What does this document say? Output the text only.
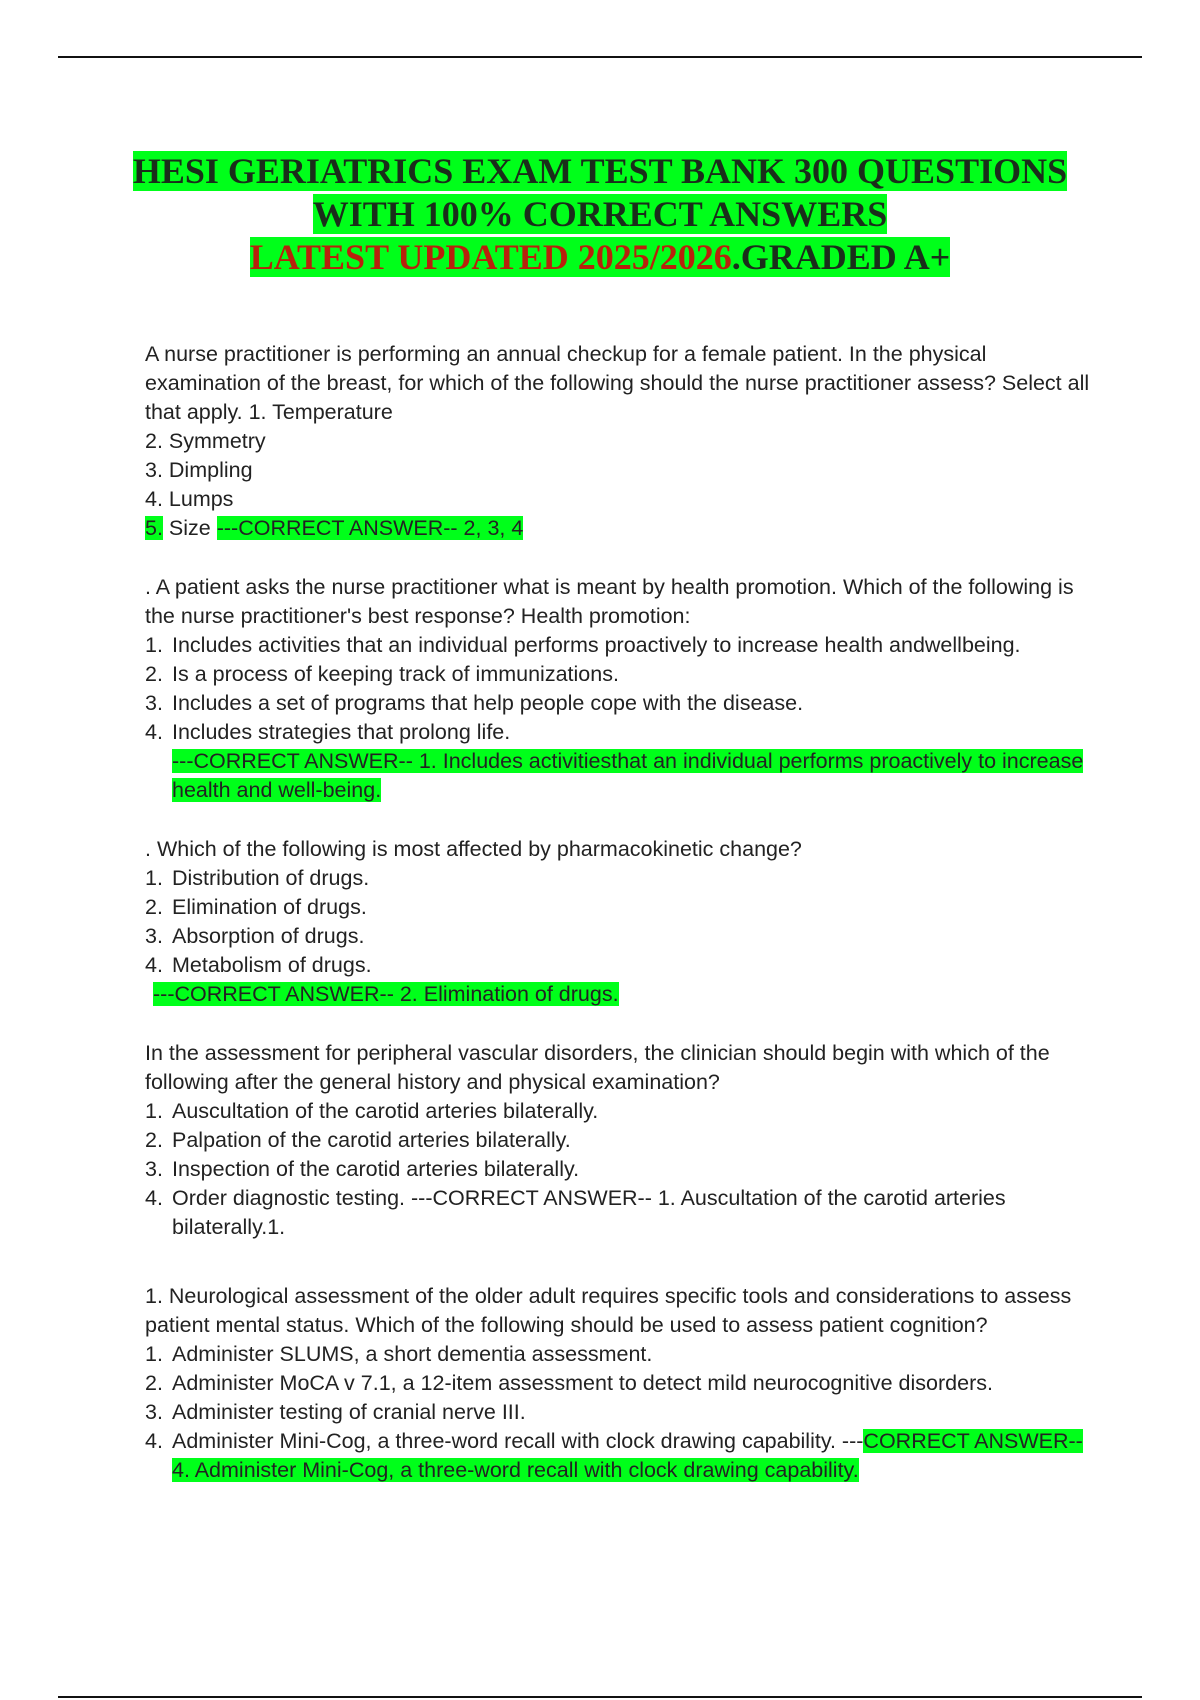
HESI GERIATRICS EXAM TEST BANK 300 QUESTIONS
WITH 100% CORRECT ANSWERS
LATEST UPDATED 2025/2026.GRADED A+

A nurse practitioner is performing an annual checkup for a female patient. In the physical

examination of the breast, for which of the following should the nurse practitioner assess? Select all that apply. 1. Temperature

2. Symmetry

3. Dimpling

4. Lumps

5. Size ---CORRECT ANSWER-- 2, 3, 4

. A patient asks the nurse practitioner what is meant by health promotion. Which of the following is the nurse practitioner's best response? Health promotion:

1. Includes activities that an individual performs proactively to increase health andwellbeing.
2. Is a process of keeping track of immunizations.
3. Includes a set of programs that help people cope with the disease.
4. Includes strategies that prolong life.
---CORRECT ANSWER-- 1. Includes activitiesthat an individual performs proactively to increase health and well-being.

. Which of the following is most affected by pharmacokinetic change?

1. Distribution of drugs.
2. Elimination of drugs.
3. Absorption of drugs.
4. Metabolism of drugs.
---CORRECT ANSWER-- 2. Elimination of drugs.

In the assessment for peripheral vascular disorders, the clinician should begin with which of the following after the general history and physical examination?

1. Auscultation of the carotid arteries bilaterally.
2. Palpation of the carotid arteries bilaterally.
3. Inspection of the carotid arteries bilaterally.
4. Order diagnostic testing. ---CORRECT ANSWER-- 1. Auscultation of the carotid arteries bilaterally.1.

1. Neurological assessment of the older adult requires specific tools and considerations to assess patient mental status. Which of the following should be used to assess patient cognition?

1. Administer SLUMS, a short dementia assessment.
2. Administer MoCA v 7.1, a 12-item assessment to detect mild neurocognitive disorders.
3. Administer testing of cranial nerve III.
4. Administer Mini-Cog, a three-word recall with clock drawing capability. ---CORRECT ANSWER-- 4. Administer Mini-Cog, a three-word recall with clock drawing capability.
